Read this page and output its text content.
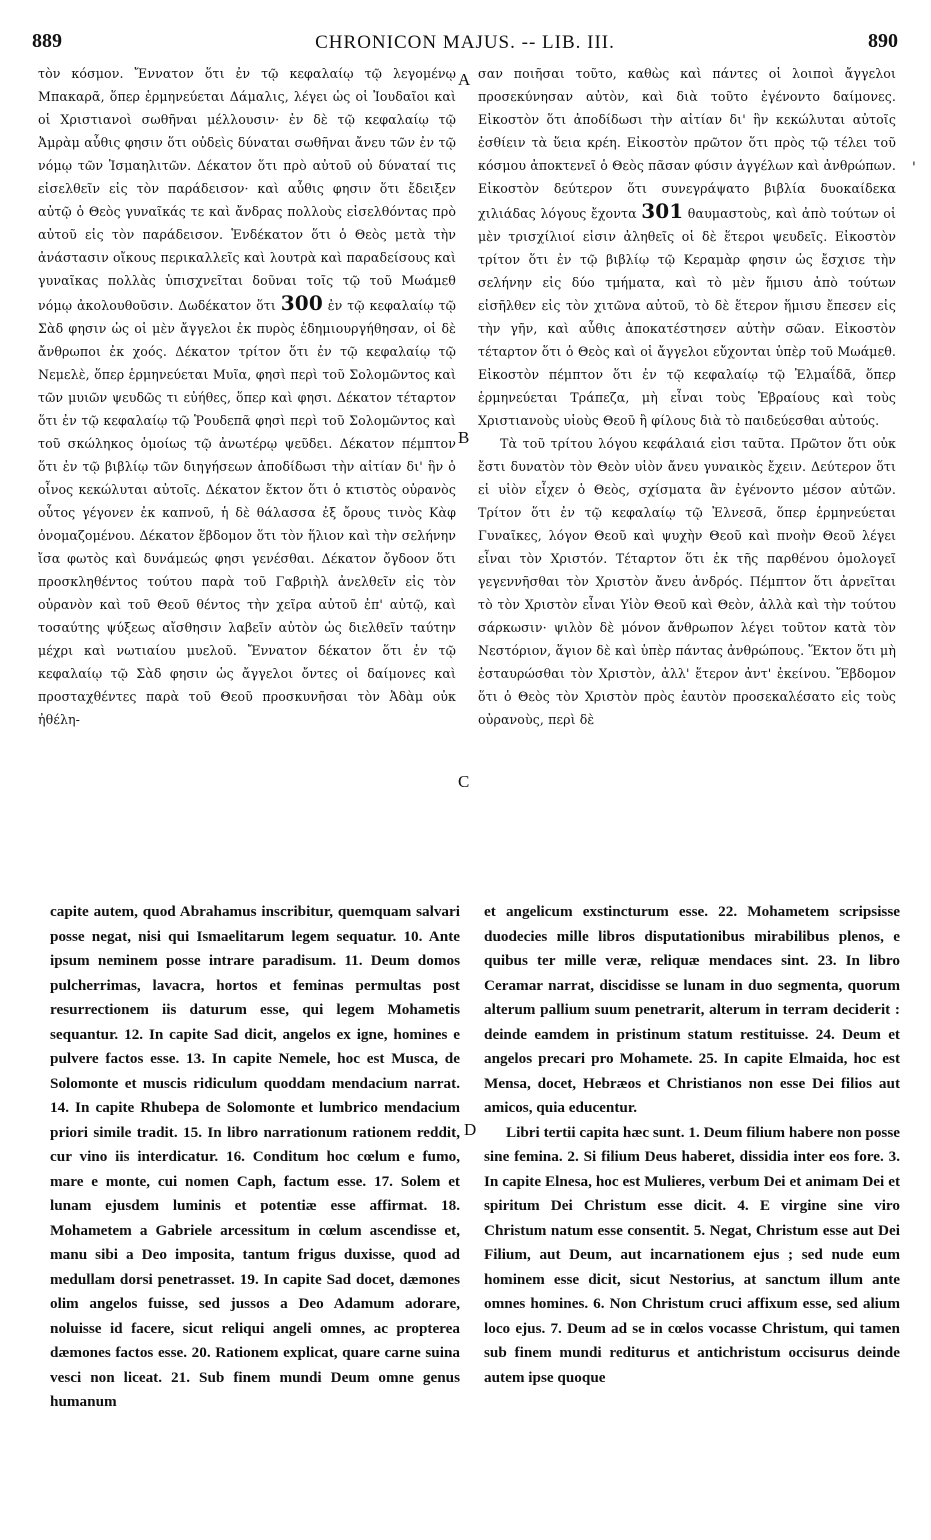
889	CHRONICON MAJUS. -- LIB. III.	890

τὸν κόσμον. Ἔννατον ὅτι ἐν τῷ κεφαλαίῳ τῷ λεγομένῳ Μπακαρᾶ, ὅπερ ἑρμηνεύεται Δάμαλις, λέγει ὡς οἱ Ἰουδαῖοι καὶ οἱ Χριστιανοὶ σωθῆναι μέλλουσιν· ἐν δὲ τῷ κεφαλαίῳ τῷ Ἀμρὰμ αὖθις φησιν ὅτι οὐδεὶς δύναται σωθῆναι ἄνευ τῶν ἐν τῷ νόμῳ τῶν Ἰσμαηλιτῶν. Δέκατον ὅτι πρὸ αὐτοῦ οὐ δύναταί τις εἰσελθεῖν εἰς τὸν παράδεισον· καὶ αὖθις φησιν ὅτι ἔδειξεν αὐτῷ ὁ Θεὸς γυναῖκάς τε καὶ ἄνδρας πολλοὺς εἰσελθόντας πρὸ αὐτοῦ εἰς τὸν παράδεισον. Ἑνδέκατον ὅτι ὁ Θεὸς μετὰ τὴν ἀνάστασιν οἴκους περικαλλεῖς καὶ λουτρὰ καὶ παραδείσους καὶ γυναῖκας πολλὰς ὑπισχνεῖται δοῦναι τοῖς τῷ τοῦ Μωάμεθ νόμῳ ἀκολουθοῦσιν. Δωδέκατον ὅτι 300 ἐν τῷ κεφαλαίῳ τῷ Σὰδ φησιν ὡς οἱ μὲν ἄγγελοι ἐκ πυρὸς ἐδημιουργήθησαν, οἱ δὲ ἄνθρωποι ἐκ χοός. Δέκατον τρίτον ὅτι ἐν τῷ κεφαλαίῳ τῷ Νεμελὲ, ὅπερ ἑρμηνεύεται Μυῖα, φησὶ περὶ τοῦ Σολομῶντος καὶ τῶν μυιῶν ψευδῶς τι εὐήθες, ὅπερ καὶ φησι. Δέκατον τέταρτον ὅτι ἐν τῷ κεφαλαίῳ τῷ Ῥουδεπᾶ φησὶ περὶ τοῦ Σολομῶντος καὶ τοῦ σκώληκος ὁμοίως τῷ ἀνωτέρῳ ψεῦδει. Δέκατον πέμπτον ὅτι ἐν τῷ βιβλίῳ τῶν διηγήσεων ἀποδίδωσι τὴν αἰτίαν δι' ἣν ὁ οἶνος κεκώλυται αὐτοῖς. Δέκατον ἕκτον ὅτι ὁ κτιστὸς οὐρανὸς οὗτος γέγονεν ἐκ καπνοῦ, ἡ δὲ θάλασσα ἐξ ὄρους τινὸς Κὰφ ὀνομαζομένου. Δέκατον ἕβδομον ὅτι τὸν ἥλιον καὶ τὴν σελήνην ἴσα φωτὸς καὶ δυνάμεώς φησι γενέσθαι. Δέκατον ὄγδοον ὅτι προσκληθέντος τούτου παρὰ τοῦ Γαβριὴλ ἀνελθεῖν εἰς τὸν οὐρανὸν καὶ τοῦ Θεοῦ θέντος τὴν χεῖρα αὐτοῦ ἐπ' αὐτῷ, καὶ τοσαύτης ψύξεως αἴσθησιν λαβεῖν αὐτὸν ὡς διελθεῖν ταύτην μέχρι καὶ νωτιαίου μυελοῦ. Ἔννατον δέκατον ὅτι ἐν τῷ κεφαλαίῳ τῷ Σὰδ φησιν ὡς ἄγγελοι ὄντες οἱ δαίμονες καὶ προσταχθέντες παρὰ τοῦ Θεοῦ προσκυνῆσαι τὸν Ἀδὰμ οὐκ ἠθέλη-

σαν ποιῆσαι τοῦτο, καθὼς καὶ πάντες οἱ λοιποὶ ἄγγελοι προσεκύνησαν αὐτὸν, καὶ διὰ τοῦτο ἐγένοντο δαίμονες. Εἰκοστὸν ὅτι ἀποδίδωσι τὴν αἰτίαν δι' ἣν κεκώλυται αὐτοῖς ἐσθίειν τὰ ὕεια κρέη. Εἰκοστὸν πρῶτον ὅτι πρὸς τῷ τέλει τοῦ κόσμου ἀποκτενεῖ ὁ Θεὸς πᾶσαν φύσιν ἀγγέλων καὶ ἀνθρώπων. Εἰκοστὸν δεύτερον ὅτι συνεγράψατο βιβλία δυοκαίδεκα χιλιάδας λόγους ἔχοντα 301 θαυμαστοὺς, καὶ ἀπὸ τούτων οἱ μὲν τρισχίλιοί εἰσιν ἀληθεῖς οἱ δὲ ἕτεροι ψευδεῖς. Εἰκοστὸν τρίτον ὅτι ἐν τῷ βιβλίῳ τῷ Κεραμὰρ φησιν ὡς ἔσχισε τὴν σελήνην εἰς δύο τμήματα, καὶ τὸ μὲν ἥμισυ ἀπὸ τούτων εἰσῆλθεν εἰς τὸν χιτῶνα αὐτοῦ, τὸ δὲ ἕτερον ἥμισυ ἔπεσεν εἰς τὴν γῆν, καὶ αὖθις ἀποκατέστησεν αὐτὴν σῶαν. Εἰκοστὸν τέταρτον ὅτι ὁ Θεὸς καὶ οἱ ἄγγελοι εὔχονται ὑπὲρ τοῦ Μωάμεθ. Εἰκοστὸν πέμπτον ὅτι ἐν τῷ κεφαλαίῳ τῷ Ἐλμαΐδᾶ, ὅπερ ἑρμηνεύεται Τράπεζα, μὴ εἶναι τοὺς Ἑβραίους καὶ τοὺς Χριστιανοὺς υἱοὺς Θεοῦ ἢ φίλους διὰ τὸ παιδεύεσθαι αὐτούς.

Τὰ τοῦ τρίτου λόγου κεφάλαιά εἰσι ταῦτα. Πρῶτον ὅτι οὐκ ἔστι δυνατὸν τὸν Θεὸν υἱὸν ἄνευ γυναικὸς ἔχειν. Δεύτερον ὅτι εἰ υἱὸν εἶχεν ὁ Θεὸς, σχίσματα ἂν ἐγένοντο μέσον αὐτῶν. Τρίτον ὅτι ἐν τῷ κεφαλαίῳ τῷ Ἐλνεσᾶ, ὅπερ ἑρμηνεύεται Γυναῖκες, λόγον Θεοῦ καὶ ψυχὴν Θεοῦ καὶ πνοὴν Θεοῦ λέγει εἶναι τὸν Χριστόν. Τέταρτον ὅτι ἐκ τῆς παρθένου ὁμολογεῖ γεγεννῆσθαι τὸν Χριστὸν ἄνευ ἀνδρός. Πέμπτον ὅτι ἀρνεῖται τὸ τὸν Χριστὸν εἶναι Υἱὸν Θεοῦ καὶ Θεὸν, ἀλλὰ καὶ τὴν τούτου σάρκωσιν· ψιλὸν δὲ μόνον ἄνθρωπον λέγει τοῦτον κατὰ τὸν Νεστόριον, ἅγιον δὲ καὶ ὑπὲρ πάντας ἀνθρώπους. Ἕκτον ὅτι μὴ ἐσταυρώσθαι τὸν Χριστὸν, ἀλλ' ἕτερον ἀντ' ἐκείνου. Ἕβδομον ὅτι ὁ Θεὸς τὸν Χριστὸν πρὸς ἑαυτὸν προσεκαλέσατο εἰς τοὺς οὐρανοὺς, περὶ δὲ

A
B
C
D
'

capite autem, quod Abrahamus inscribitur, quemquam salvari posse negat, nisi qui Ismaelitarum legem sequatur. 10. Ante ipsum neminem posse intrare paradisum. 11. Deum domos pulcherrimas, lavacra, hortos et feminas permultas post resurrectionem iis daturum esse, qui legem Mohametis sequantur. 12. In capite Sad dicit, angelos ex igne, homines e pulvere factos esse. 13. In capite Nemele, hoc est Musca, de Solomonte et muscis ridiculum quoddam mendacium narrat. 14. In capite Rhubepa de Solomonte et lumbrico mendacium priori simile tradit. 15. In libro narrationum rationem reddit, cur vino iis interdicatur. 16. Conditum hoc cœlum e fumo, mare e monte, cui nomen Caph, factum esse. 17. Solem et lunam ejusdem luminis et potentiæ esse affirmat. 18. Mohametem a Gabriele arcessitum in cœlum ascendisse et, manu sibi a Deo imposita, tantum frigus duxisse, quod ad medullam dorsi penetrasset. 19. In capite Sad docet, dæmones olim angelos fuisse, sed jussos a Deo Adamum adorare, noluisse id facere, sicut reliqui angeli omnes, ac propterea dæmones factos esse. 20. Rationem explicat, quare carne suina vesci non liceat. 21. Sub finem mundi Deum omne genus humanum

et angelicum exstincturum esse. 22. Mohametem scripsisse duodecies mille libros disputationibus mirabilibus plenos, e quibus ter mille veræ, reliquæ mendaces sint. 23. In libro Ceramar narrat, discidisse se lunam in duo segmenta, quorum alterum pallium suum penetrarit, alterum in terram deciderit : deinde eamdem in pristinum statum restituisse. 24. Deum et angelos precari pro Mohamete. 25. In capite Elmaida, hoc est Mensa, docet, Hebræos et Christianos non esse Dei filios aut amicos, quia educentur.

Libri tertii capita hæc sunt. 1. Deum filium habere non posse sine femina. 2. Si filium Deus haberet, dissidia inter eos fore. 3. In capite Elnesa, hoc est Mulieres, verbum Dei et animam Dei et spiritum Dei Christum esse dicit. 4. E virgine sine viro Christum natum esse consentit. 5. Negat, Christum esse aut Dei Filium, aut Deum, aut incarnationem ejus ; sed nude eum hominem esse dicit, sicut Nestorius, at sanctum illum ante omnes homines. 6. Non Christum cruci affixum esse, sed alium loco ejus. 7. Deum ad se in cœlos vocasse Christum, qui tamen sub finem mundi rediturus et antichristum occisurus deinde autem ipse quoque
